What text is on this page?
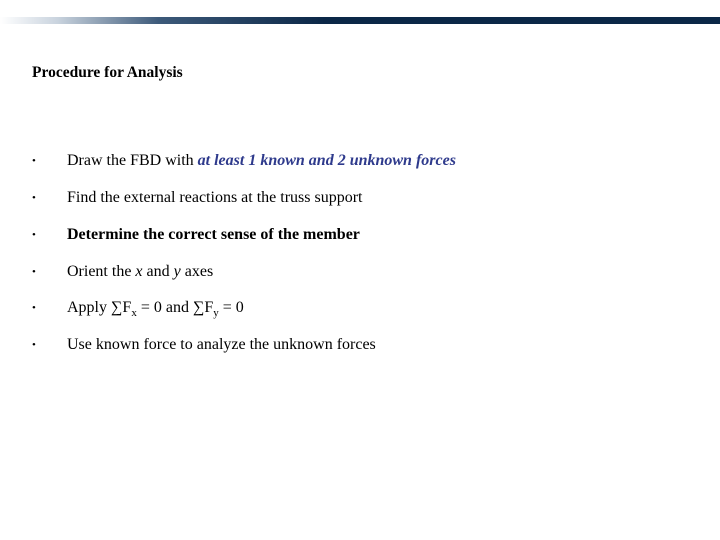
Procedure for Analysis
• Draw the FBD with at least 1 known and 2 unknown forces
• Find the external reactions at the truss support
• Determine the correct sense of the member
• Orient the x and y axes
• Apply $\sum F_x = 0$ and $\sum F_y = 0$
• Use known force to analyze the unknown forces
